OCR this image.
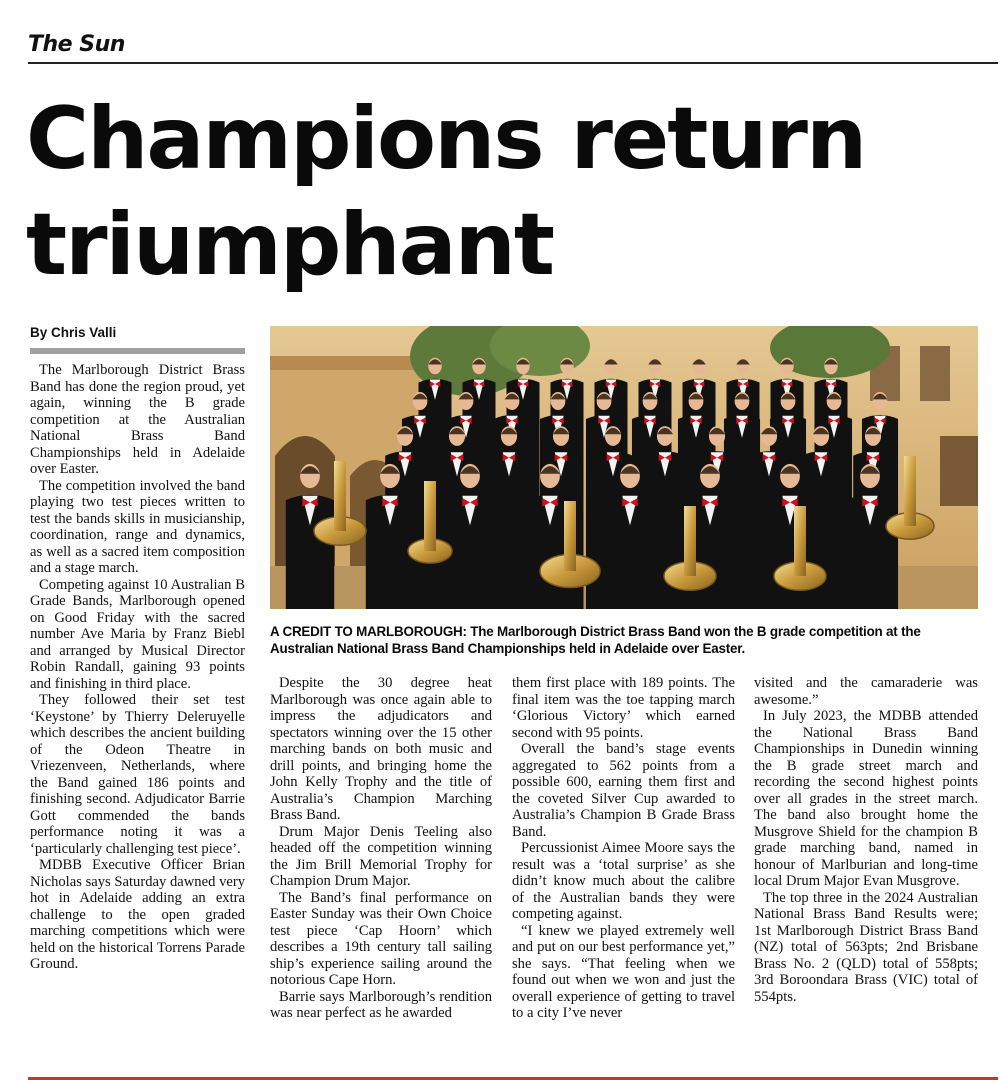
The Sun
Champions return triumphant
By Chris Valli

The Marlborough District Brass Band has done the region proud, yet again, winning the B grade competition at the Australian National Brass Band Championships held in Adelaide over Easter.

The competition involved the band playing two test pieces written to test the bands skills in musicianship, coordination, range and dynamics, as well as a sacred item composition and a stage march.

Competing against 10 Australian B Grade Bands, Marlborough opened on Good Friday with the sacred number Ave Maria by Franz Biebl and arranged by Musical Director Robin Randall, gaining 93 points and finishing in third place.

They followed their set test ‘Keystone’ by Thierry Deleruyelle which describes the ancient building of the Odeon Theatre in Vriezenveen, Netherlands, where the Band gained 186 points and finishing second. Adjudicator Barrie Gott commended the bands performance noting it was a ‘particularly challenging test piece’.

MDBB Executive Officer Brian Nicholas says Saturday dawned very hot in Adelaide adding an extra challenge to the open graded marching competitions which were held on the historical Torrens Parade Ground.

A CREDIT TO MARLBOROUGH: The Marlborough District Brass Band won the B grade competition at the Australian National Brass Band Championships held in Adelaide over Easter.

Despite the 30 degree heat Marlborough was once again able to impress the adjudicators and spectators winning over the 15 other marching bands on both music and drill points, and bringing home the John Kelly Trophy and the title of Australia’s Champion Marching Brass Band.

Drum Major Denis Teeling also headed off the competition winning the Jim Brill Memorial Trophy for Champion Drum Major.

The Band’s final performance on Easter Sunday was their Own Choice test piece ‘Cap Hoorn’ which describes a 19th century tall sailing ship’s experience sailing around the notorious Cape Horn.

Barrie says Marlborough’s rendition was near perfect as he awarded

them first place with 189 points. The final item was the toe tapping march ‘Glorious Victory’ which earned second with 95 points.

Overall the band’s stage events aggregated to 562 points from a possible 600, earning them first and the coveted Silver Cup awarded to Australia’s Champion B Grade Brass Band.

Percussionist Aimee Moore says the result was a ‘total surprise’ as she didn’t know much about the calibre of the Australian bands they were competing against.

“I knew we played extremely well and put on our best performance yet,” she says. “That feeling when we found out when we won and just the overall experience of getting to travel to a city I’ve never

visited and the camaraderie was awesome.”

In July 2023, the MDBB attended the National Brass Band Championships in Dunedin winning the B grade street march and recording the second highest points over all grades in the street march. The band also brought home the Musgrove Shield for the champion B grade marching band, named in honour of Marlburian and long-time local Drum Major Evan Musgrove.

The top three in the 2024 Australian National Brass Band Results were; 1st Marlborough District Brass Band (NZ) total of 563pts; 2nd Brisbane Brass No. 2 (QLD) total of 558pts; 3rd Boroondara Brass (VIC) total of 554pts.
